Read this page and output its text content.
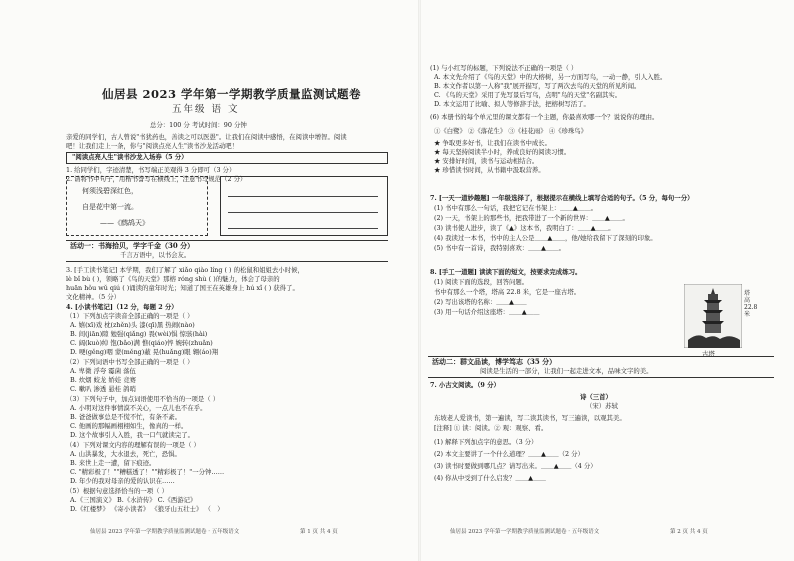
仙居县 2023 学年第一学期教学质量监测试题卷
五年级 语 文
总分：100 分 考试时间：90 分钟
亲爱的同学们，古人曾说"书犹药也，善读之可以医愚"。让我们在阅读中感悟，在阅读中增智。阅读
吧！让我们走上一条，你与"阅读点亮人生"读书沙龙活动吧！
"阅读点亮人生"读书沙龙入场券（5 分）
1. 给同学们，字迹清楚，书写端正美观得 3 分即可（3 分）
2. 请将书中句子，用楷书誊写在横线上，注意书写规范（2 分）
何须浅碧深红色，
自是花中第一流。
——《鹧鸪天》
活动一：书海拾贝，学字千金（30 分）
千言万语中，以书会友。
3. [手工读书笔记] 本学期，我们了解了 xiǎo qiào líng ( ) 的松鼠和姐姐去小时候，
lè bǐ bù ( )，领略了《鸟的天堂》那榕 róng shù ( )的魅力，体会了母亲的
huān hǒu wǔ qiú ( )诵读的童年时光；知道了国王在英雄身上 hú xǐ ( ) 获得了。
文化精神。（5 分）
4. [小读书笔记]（12 分，每题 2 分）
（1）下列加点字读音全部正确的一项是（ ）
A. 嬉(xī)戏 枕(zhěn)头 漆(qī)黑 热闹(nào)
B. 间(jiān)隙 勉强(qiǎng) 畏(wèi)惧 惊骇(hài)
C. 阔(kuò)绰 饱(bǎo)满 憔(qiáo)悴 婉转(zhuǎn)
D. 哽(gěng)咽 蒙(měng)蔽 晃(huǎng)眼 翱(áo)翔
（2）下列词语中书写全部正确的一项是（ ）
A. 卑微 浮夸 霉菌 落伍
B. 炊烟 蛟龙 娇娃 竞赛
C. 嗽叭 渗透 悬桂 鸽哨
（3）下列句子中，加点词语使用不恰当的一项是（ ）
A. 小明对这件事情漠不关心，一点儿也不在乎。
B. 爸爸做事总是不慌不忙，有条不紊。
C. 他画的那幅画栩栩如生，像真的一样。
D. 这个故事引人入胜，我一口气就读完了。
（4）下列对课文内容的理解有误的一项是（ ）
A. 山洪暴发，大水退去，死亡，恐惧。
B. 来世上走一遭，留下痕迹。
C. "精彩极了！""糟糕透了！""精彩极了！"一分钟……
D. 年少的我对母亲的爱的认识在……
（5）根据句意选择恰当的一项（ ）
A.《三国演义》 B.《水浒传》 C.《西游记》
D.《红楼梦》 《寄小读者》 《狼牙山五壮士》 （　）
仙居县 2023 学年第一学期教学质量监测试题卷 · 五年级语文	第 1 页 共 4 页
(1) 与小红写的标题，下列说法不正确的一项是（ ）
A. 本文先介绍了《鸟的天堂》中的大榕树，另一方面写鸟，一动一静，引人入胜。
B. 本文作者以第一人称"我"展开描写，写了两次去鸟的天堂的所见所闻。
C. 《鸟的天堂》采用了先写景后写鸟，点明"鸟的天堂"名副其实。
D. 本文运用了比喻、拟人等修辞手法，把榕树写活了。
(6) 本册书的每个单元里的课文都有一个主题，你最喜欢哪一个？说说你的理由。
①《白鹭》 ②《落花生》 ③《桂花雨》 ④《珍珠鸟》
★ 争取更多好书，让我们在读书中成长。
★ 每天坚持阅读半小时，养成良好的阅读习惯。
★ 安排好时间，读书与运动相结合。
★ 珍惜读书时间，从书籍中汲取营养。
7. [一天一道妙趣题] 一年级选择了，根据提示在横线上填写合适的句子。（5 分，每句一分）
(1) 书中有那么一句话，我把它记在书架上：＿＿▲＿＿。
(2) 一天，书架上的那些书，把我带进了一个新的世界：＿＿▲＿＿。
(3) 读书使人进步，读了《▲》这本书，我明白了：＿＿▲＿＿。
(4) 我读过一本书，书中的主人公是＿＿▲＿＿，他/她给我留下了深刻的印象。
(5) 书中有一首诗，我特别喜欢：＿＿▲＿＿。
8. [手工一道题] 读读下面的短文，按要求完成练习。
(1) 阅读下面的选段，回答问题。
书中有那么一个塔，塔高 22.8 米，它是一座古塔。
(2) 写出该塔的名称：＿＿▲＿＿
(3) 用一句话介绍这座塔：＿＿▲＿＿
塔高 22.8 米
古塔
活动二：群文品读，博学笃志（35 分）
阅读是生活的一部分，让我们一起走进文本，品味文字的美。
7. 小古文阅读。（9 分）
诗（三首）
（宋）苏轼
东坡老人爱读书，第一遍读，写二读其读书，写三遍读，以观其美。
[注释] ① 读：阅读。② 观：观察、看。
(1) 解释下列加点字的意思。（3 分）
(2) 本文主要讲了一个什么道理？＿＿▲＿＿（2 分）
(3) 读书时要做到哪几点？请写出来。＿＿▲＿＿（4 分）
(4) 你从中受到了什么启发？＿＿▲＿＿
仙居县 2023 学年第一学期教学质量监测试题卷 · 五年级语文	第 2 页 共 4 页
